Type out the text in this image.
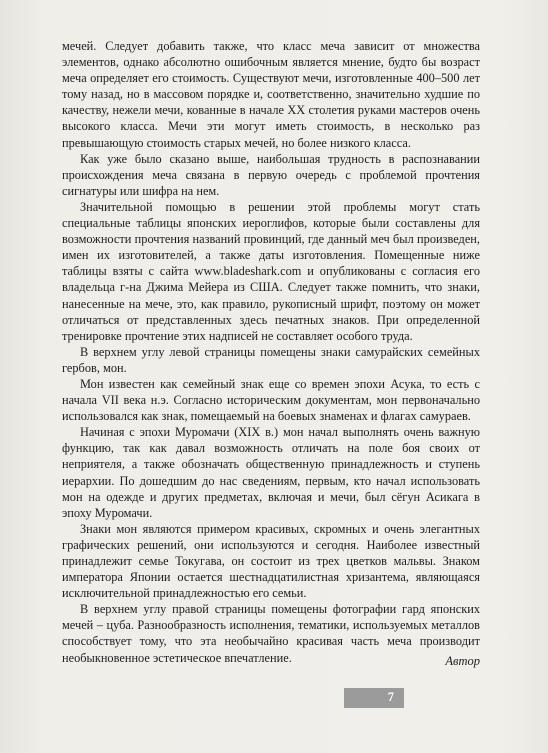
мечей. Следует добавить также, что класс меча зависит от множества элементов, однако абсолютно ошибочным является мнение, будто бы возраст меча определяет его стоимость. Существуют мечи, изготовленные 400–500 лет тому назад, но в массовом порядке и, соответственно, значительно худшие по качеству, нежели мечи, кованные в начале XX столетия руками мастеров очень высокого класса. Мечи эти могут иметь стоимость, в несколько раз превышающую стоимость старых мечей, но более низкого класса.

Как уже было сказано выше, наибольшая трудность в распознавании происхождения меча связана в первую очередь с проблемой прочтения сигнатуры или шифра на нем.

Значительной помощью в решении этой проблемы могут стать специальные таблицы японских иероглифов, которые были составлены для возможности прочтения названий провинций, где данный меч был произведен, имен их изготовителей, а также даты изготовления. Помещенные ниже таблицы взяты с сайта www.bladeshark.com и опубликованы с согласия его владельца г-на Джима Мейера из США. Следует также помнить, что знаки, нанесенные на мече, это, как правило, рукописный шрифт, поэтому он может отличаться от представленных здесь печатных знаков. При определенной тренировке прочтение этих надписей не составляет особого труда.

В верхнем углу левой страницы помещены знаки самурайских семейных гербов, мон.

Мон известен как семейный знак еще со времен эпохи Асука, то есть с начала VII века н.э. Согласно историческим документам, мон первоначально использовался как знак, помещаемый на боевых знаменах и флагах самураев.

Начиная с эпохи Муромачи (XIX в.) мон начал выполнять очень важную функцию, так как давал возможность отличать на поле боя своих от неприятеля, а также обозначать общественную принадлежность и ступень иерархии. По дошедшим до нас сведениям, первым, кто начал использовать мон на одежде и других предметах, включая и мечи, был сёгун Асикага в эпоху Муромачи.

Знаки мон являются примером красивых, скромных и очень элегантных графических решений, они используются и сегодня. Наиболее известный принадлежит семье Токугава, он состоит из трех цветков мальвы. Знаком императора Японии остается шестнадцатилистная хризантема, являющаяся исключительной принадлежностью его семьи.

В верхнем углу правой страницы помещены фотографии гард японских мечей – цуба. Разнообразность исполнения, тематики, используемых металлов способствует тому, что эта необычайно красивая часть меча производит необыкновенное эстетическое впечатление.	Автор
7
